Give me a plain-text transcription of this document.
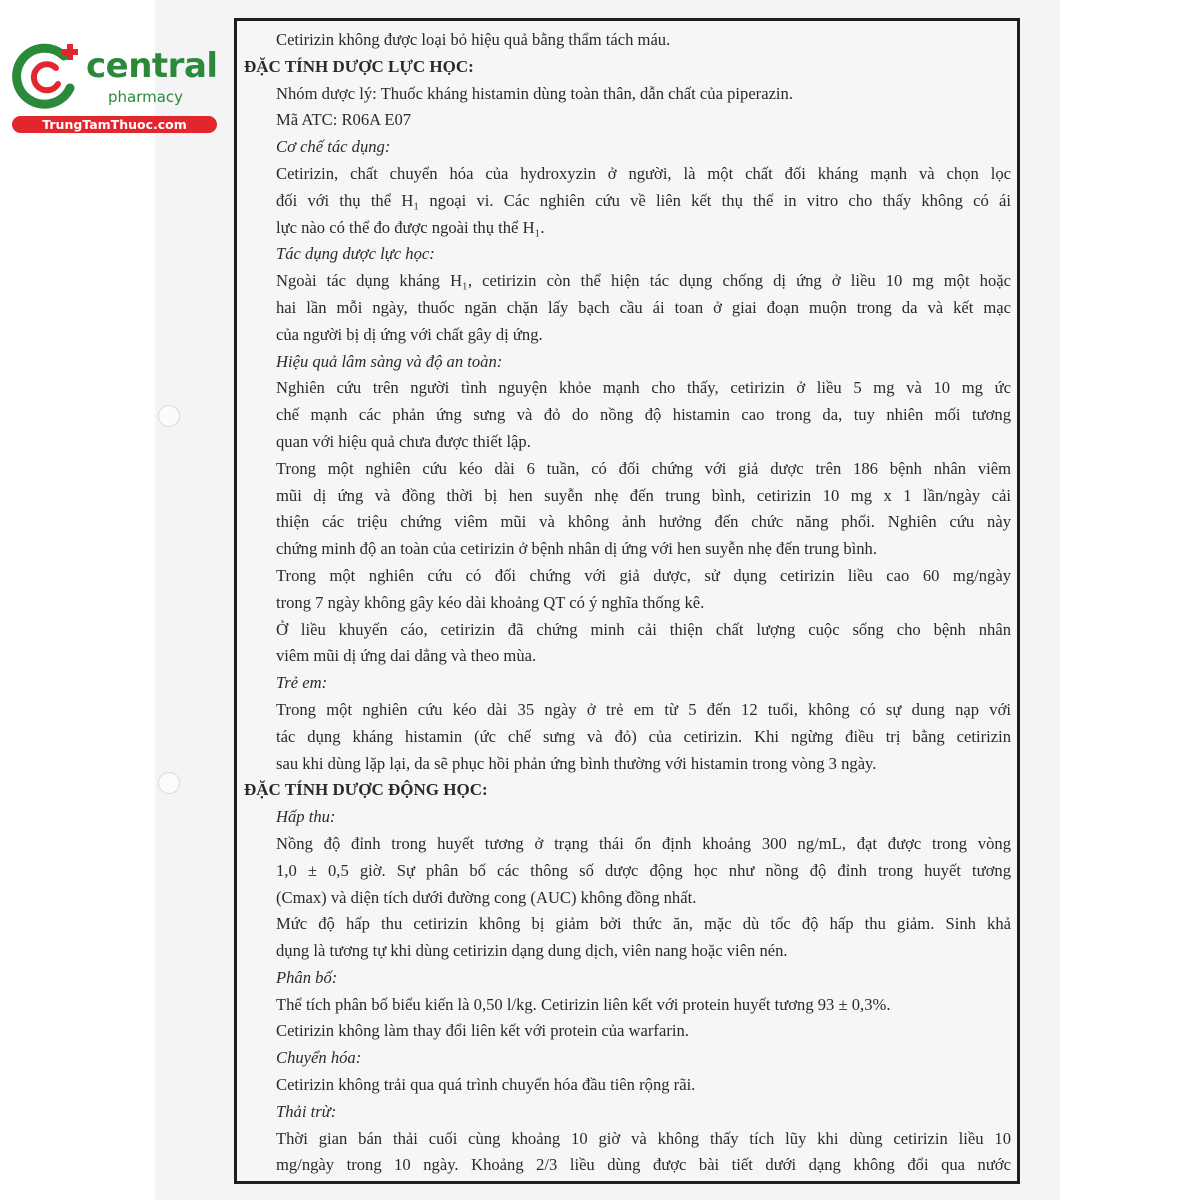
Cetirizin không được loại bỏ hiệu quả bằng thẩm tách máu.
ĐẶC TÍNH DƯỢC LỰC HỌC:
Nhóm dược lý: Thuốc kháng histamin dùng toàn thân, dẫn chất của piperazin.
Mã ATC: R06A E07
Cơ chế tác dụng:
Cetirizin, chất chuyển hóa của hydroxyzin ở người, là một chất đối kháng mạnh và chọn lọc
đối với thụ thể H₁ ngoại vi. Các nghiên cứu về liên kết thụ thể in vitro cho thấy không có ái
lực nào có thể đo được ngoài thụ thể H₁.
Tác dụng dược lực học:
Ngoài tác dụng kháng H₁, cetirizin còn thể hiện tác dụng chống dị ứng ở liều 10 mg một hoặc
hai lần mỗi ngày, thuốc ngăn chặn lấy bạch cầu ái toan ở giai đoạn muộn trong da và kết mạc
của người bị dị ứng với chất gây dị ứng.
Hiệu quả lâm sàng và độ an toàn:
Nghiên cứu trên người tình nguyện khỏe mạnh cho thấy, cetirizin ở liều 5 mg và 10 mg ức
chế mạnh các phản ứng sưng và đỏ do nồng độ histamin cao trong da, tuy nhiên mối tương
quan với hiệu quả chưa được thiết lập.
Trong một nghiên cứu kéo dài 6 tuần, có đối chứng với giả dược trên 186 bệnh nhân viêm
mũi dị ứng và đồng thời bị hen suyễn nhẹ đến trung bình, cetirizin 10 mg x 1 lần/ngày cải
thiện các triệu chứng viêm mũi và không ảnh hưởng đến chức năng phổi. Nghiên cứu này
chứng minh độ an toàn của cetirizin ở bệnh nhân dị ứng với hen suyễn nhẹ đến trung bình.
Trong một nghiên cứu có đối chứng với giả dược, sử dụng cetirizin liều cao 60 mg/ngày
trong 7 ngày không gây kéo dài khoảng QT có ý nghĩa thống kê.
Ở liều khuyến cáo, cetirizin đã chứng minh cải thiện chất lượng cuộc sống cho bệnh nhân
viêm mũi dị ứng dai dẳng và theo mùa.
Trẻ em:
Trong một nghiên cứu kéo dài 35 ngày ở trẻ em từ 5 đến 12 tuổi, không có sự dung nạp với
tác dụng kháng histamin (ức chế sưng và đỏ) của cetirizin. Khi ngừng điều trị bằng cetirizin
sau khi dùng lặp lại, da sẽ phục hồi phản ứng bình thường với histamin trong vòng 3 ngày.
ĐẶC TÍNH DƯỢC ĐỘNG HỌC:
Hấp thu:
Nồng độ đỉnh trong huyết tương ở trạng thái ổn định khoảng 300 ng/mL, đạt được trong vòng
1,0 ± 0,5 giờ. Sự phân bố các thông số dược động học như nồng độ đỉnh trong huyết tương
(Cmax) và diện tích dưới đường cong (AUC) không đồng nhất.
Mức độ hấp thu cetirizin không bị giảm bởi thức ăn, mặc dù tốc độ hấp thu giảm. Sinh khả
dụng là tương tự khi dùng cetirizin dạng dung dịch, viên nang hoặc viên nén.
Phân bố:
Thể tích phân bố biểu kiến là 0,50 l/kg. Cetirizin liên kết với protein huyết tương 93 ± 0,3%.
Cetirizin không làm thay đổi liên kết với protein của warfarin.
Chuyển hóa:
Cetirizin không trải qua quá trình chuyển hóa đầu tiên rộng rãi.
Thải trừ:
Thời gian bán thải cuối cùng khoảng 10 giờ và không thấy tích lũy khi dùng cetirizin liều 10
mg/ngày trong 10 ngày. Khoảng 2/3 liều dùng được bài tiết dưới dạng không đổi qua nước
central
pharmacy
TrungTamThuoc.com
